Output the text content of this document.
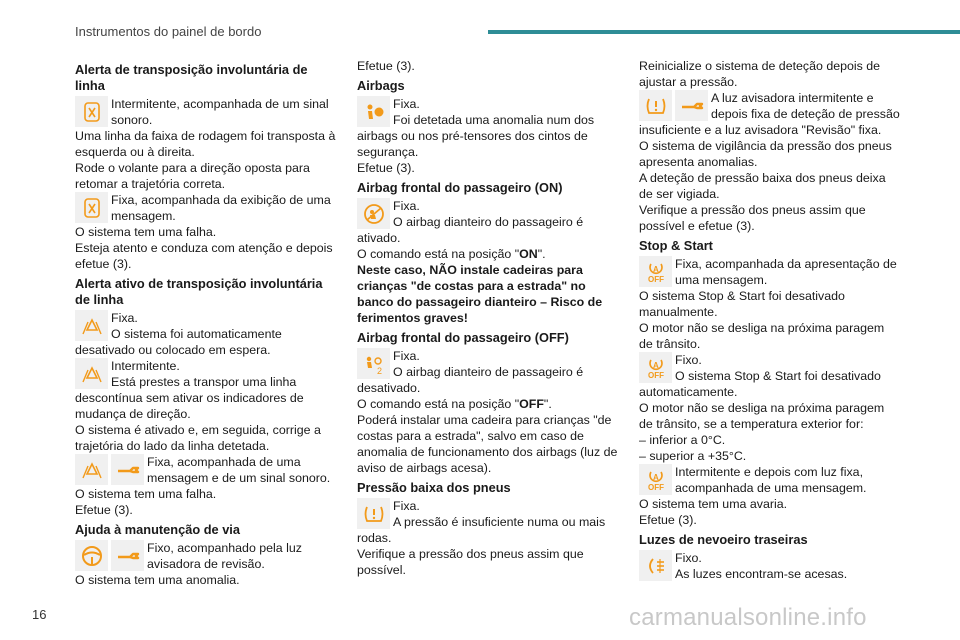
Instrumentos do painel de bordo
Alerta de transposição involuntária de linha

Intermitente, acompanhada de um sinal sonoro.

Uma linha da faixa de rodagem foi transposta à esquerda ou à direita.

Rode o volante para a direção oposta para retomar a trajetória correta.

Fixa, acompanhada da exibição de uma mensagem.

O sistema tem uma falha.

Esteja atento e conduza com atenção e depois efetue (3).

Alerta ativo de transposição involuntária de linha

Fixa.

O sistema foi automaticamente desativado ou colocado em espera.

Intermitente.

Está prestes a transpor uma linha descontínua sem ativar os indicadores de mudança de direção.

O sistema é ativado e, em seguida, corrige a trajetória do lado da linha detetada.

Fixa, acompanhada de uma mensagem e de um sinal sonoro.

O sistema tem uma falha.

Efetue (3).

Ajuda à manutenção de via

Fixo, acompanhado pela luz avisadora de revisão.

O sistema tem uma anomalia.

Efetue (3).

Airbags

Fixa.

Foi detetada uma anomalia num dos airbags ou nos pré-tensores dos cintos de segurança.

Efetue (3).

Airbag frontal do passageiro (ON)

Fixa.

O airbag dianteiro do passageiro é ativado.

O comando está na posição "ON".

Neste caso, NÃO instale cadeiras para crianças "de costas para a estrada" no banco do passageiro dianteiro – Risco de ferimentos graves!

Airbag frontal do passageiro (OFF)
2

Fixa.

O airbag dianteiro de passageiro é desativado.

O comando está na posição "OFF".

Poderá instalar uma cadeira para crianças "de costas para a estrada", salvo em caso de anomalia de funcionamento dos airbags (luz de aviso de airbags acesa).

Pressão baixa dos pneus

Fixa.

A pressão é insuficiente numa ou mais rodas.

Verifique a pressão dos pneus assim que possível.

Reinicialize o sistema de deteção depois de ajustar a pressão.

A luz avisadora intermitente e depois fixa de deteção de pressão insuficiente e a luz avisadora "Revisão" fixa.

O sistema de vigilância da pressão dos pneus apresenta anomalias.

A deteção de pressão baixa dos pneus deixa de ser vigiada.

Verifique a pressão dos pneus assim que possível e efetue (3).

Stop & Start
A
OFF

Fixa, acompanhada da apresentação de uma mensagem.

O sistema Stop & Start foi desativado manualmente.

O motor não se desliga na próxima paragem de trânsito.

A
OFF

Fixo.

O sistema Stop & Start foi desativado automaticamente.

O motor não se desliga na próxima paragem de trânsito, se a temperatura exterior for:

– inferior a 0°C.

– superior a +35°C.

A
OFF

Intermitente e depois com luz fixa, acompanhada de uma mensagem.

O sistema tem uma avaria.

Efetue (3).

Luzes de nevoeiro traseiras

Fixo.

As luzes encontram-se acesas.

16	carmanualsonline.info
